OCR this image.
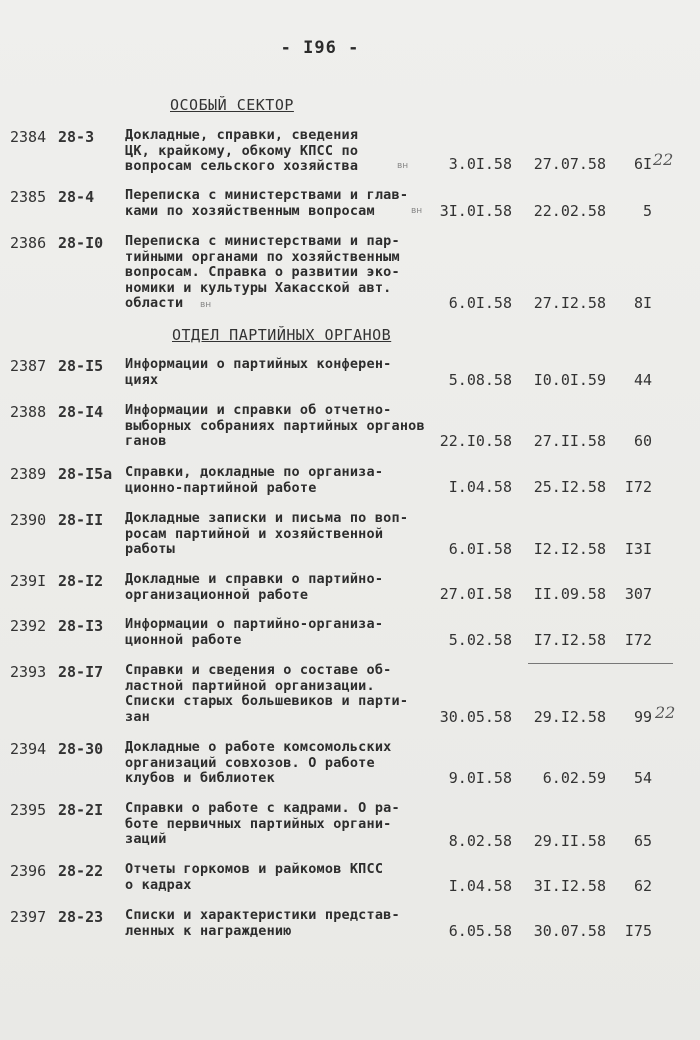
- I96 -
ОСОБЫЙ СЕКТОР
ОТДЕЛ ПАРТИЙНЫХ ОРГАНОВ
2384 28-3 Докладные, справки, сведения
ЦК, крайкому, обкому КПСС по
вопросам сельского хозяйства	вн	3.0I.58	27.07.58	6I 22
2385 28-4 Переписка с министерствами и глав-
ками по хозяйственным вопросам	вн 3I.0I.58	22.02.58	5
2386 28-I0 Переписка с министерствами и пар-
тийными органами по хозяйственным
вопросам. Справка о развитии эко-
номики и культуры Хакасской авт.
области	вн	6.0I.58	27.I2.58	8I
2387 28-I5 Информации о партийных конферен-
циях	5.08.58	I0.0I.59	44
2388 28-I4 Информации и справки об отчетно-
выборных собраниях партийных органов
ганов	22.I0.58	27.II.58	60
2389 28-I5а Справки, докладные по организа-
ционно-партийной работе	I.04.58	25.I2.58	I72
2390 28-II Докладные записки и письма по воп-
росам партийной и хозяйственной
работы	6.0I.58	I2.I2.58	I3I
239I 28-I2 Докладные и справки о партийно-
организационной работе	27.0I.58	II.09.58	307
2392 28-I3 Информации о партийно-организа-
ционной работе	5.02.58	I7.I2.58	I72
2393 28-I7 Справки и сведения о составе об-
ластной партийной организации.
Списки старых большевиков и парти-
зан	30.05.58	29.I2.58	99 22
2394 28-30 Докладные о работе комсомольских
организаций совхозов. О работе
клубов и библиотек	9.0I.58	6.02.59	54
2395 28-2I Справки о работе с кадрами. О ра-
боте первичных партийных органи-
заций	8.02.58	29.II.58	65
2396 28-22 Отчеты горкомов и райкомов КПСС
о кадрах	I.04.58	3I.I2.58	62
2397 28-23 Списки и характеристики представ-
ленных к награждению	6.05.58	30.07.58	I75
